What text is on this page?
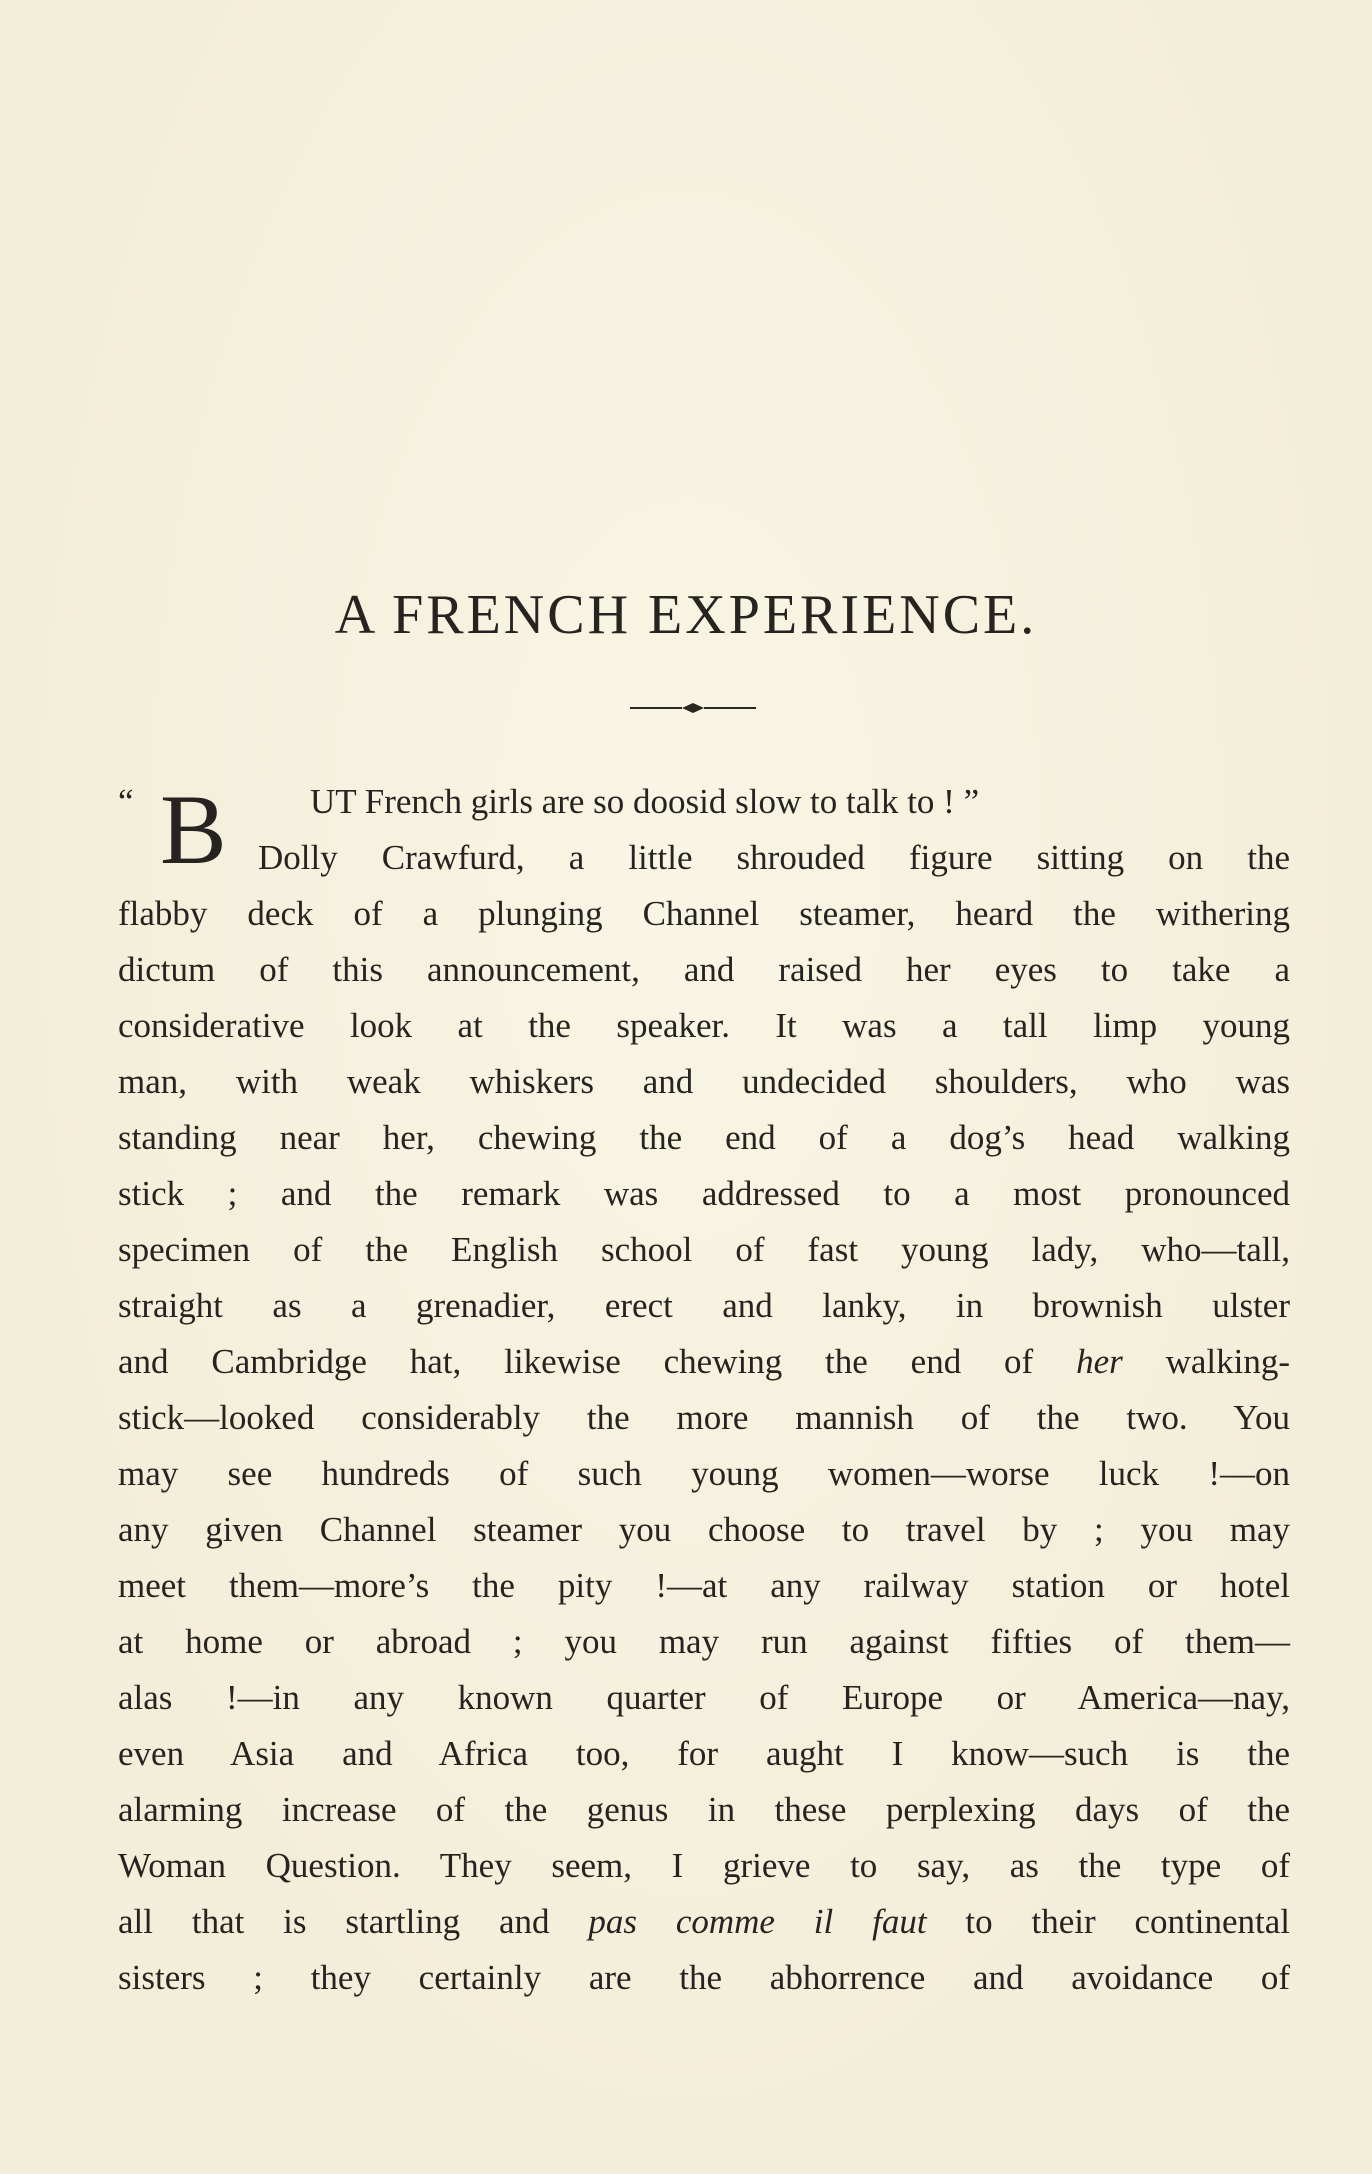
A FRENCH EXPERIENCE.
“ B UT French girls are so doosid slow to talk to ! ”
Dolly Crawfurd, a little shrouded figure sitting on the
flabby deck of a plunging Channel steamer, heard the withering
dictum of this announcement, and raised her eyes to take a
considerative look at the speaker. It was a tall limp young
man, with weak whiskers and undecided shoulders, who was
standing near her, chewing the end of a dog’s head walking
stick ; and the remark was addressed to a most pronounced
specimen of the English school of fast young lady, who—tall,
straight as a grenadier, erect and lanky, in brownish ulster
and Cambridge hat, likewise chewing the end of her walking-
stick—looked considerably the more mannish of the two. You
may see hundreds of such young women—worse luck !—on
any given Channel steamer you choose to travel by ; you may
meet them—more’s the pity !—at any railway station or hotel
at home or abroad ; you may run against fifties of them—
alas !—in any known quarter of Europe or America—nay,
even Asia and Africa too, for aught I know—such is the
alarming increase of the genus in these perplexing days of the
Woman Question. They seem, I grieve to say, as the type of
all that is startling and pas comme il faut to their continental
sisters ; they certainly are the abhorrence and avoidance of
